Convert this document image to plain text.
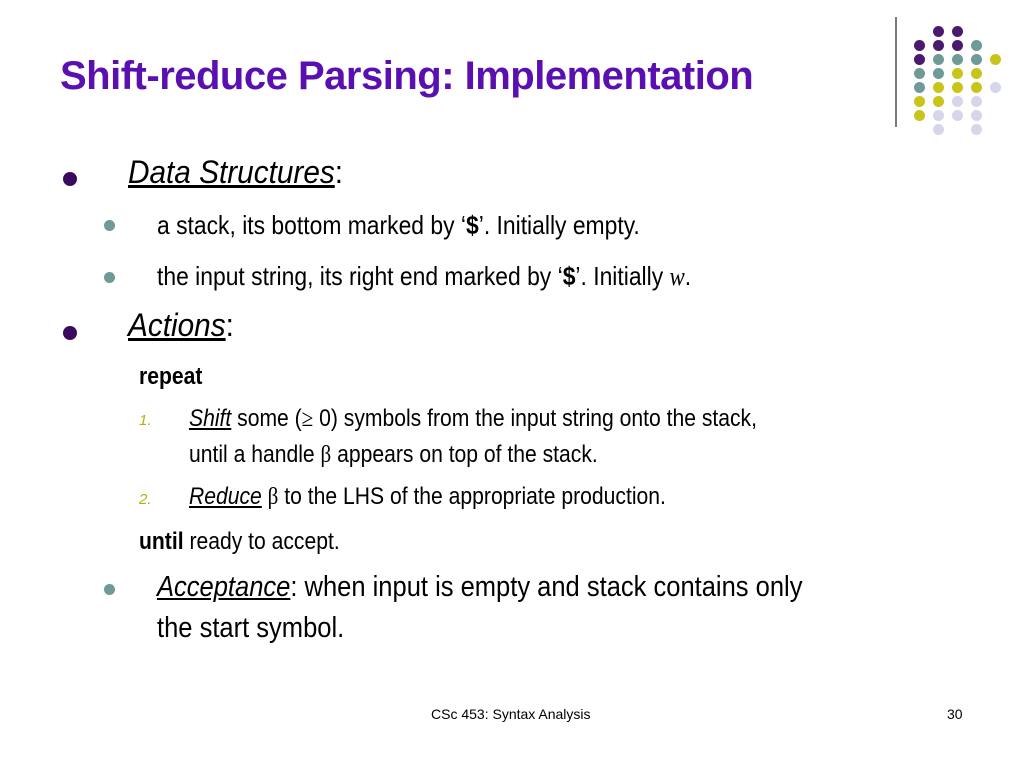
Shift-reduce Parsing: Implementation
Data Structures:
a stack, its bottom marked by ‘$’. Initially empty.
the input string, its right end marked by ‘$’. Initially w.
Actions:
repeat
1. Shift some (≥ 0) symbols from the input string onto the stack,
until a handle β appears on top of the stack.
2. Reduce β to the LHS of the appropriate production.
until ready to accept.
Acceptance: when input is empty and stack contains only
the start symbol.
CSc 453: Syntax Analysis	30
